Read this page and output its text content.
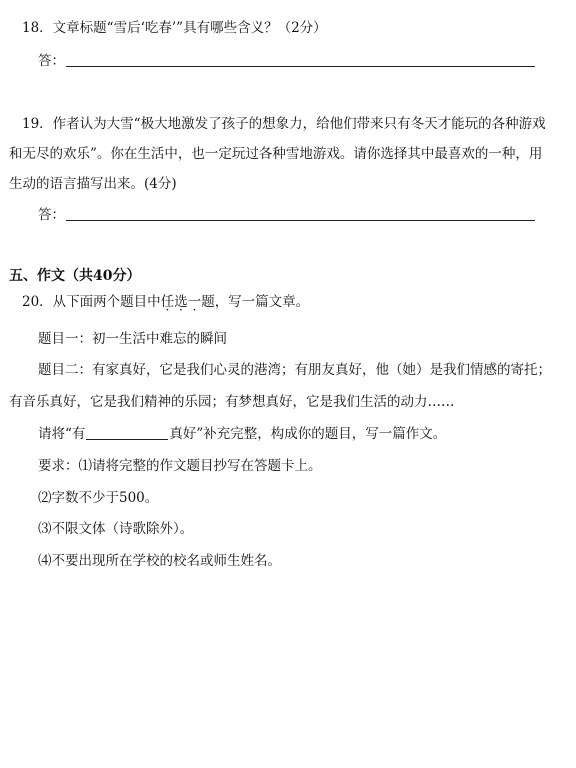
18．文章标题“雪后‘吃春’”具有哪些含义？（2分）
答：
19．作者认为大雪“极大地激发了孩子的想象力，给他们带来只有冬天才能玩的各种游戏
和无尽的欢乐”。你在生活中，也一定玩过各种雪地游戏。请你选择其中最喜欢的一种，用
生动的语言描写出来。(4分)
答：
五、作文（共40分）
20．从下面两个题目中任选一题，写一篇文章。
题目一：初一生活中难忘的瞬间
题目二：有家真好，它是我们心灵的港湾；有朋友真好，他（她）是我们情感的寄托；
有音乐真好，它是我们精神的乐园；有梦想真好，它是我们生活的动力……
请将“有	真好”补充完整，构成你的题目，写一篇作文。
要求：⑴请将完整的作文题目抄写在答题卡上。
⑵字数不少于500。
⑶不限文体（诗歌除外）。
⑷不要出现所在学校的校名或师生姓名。
